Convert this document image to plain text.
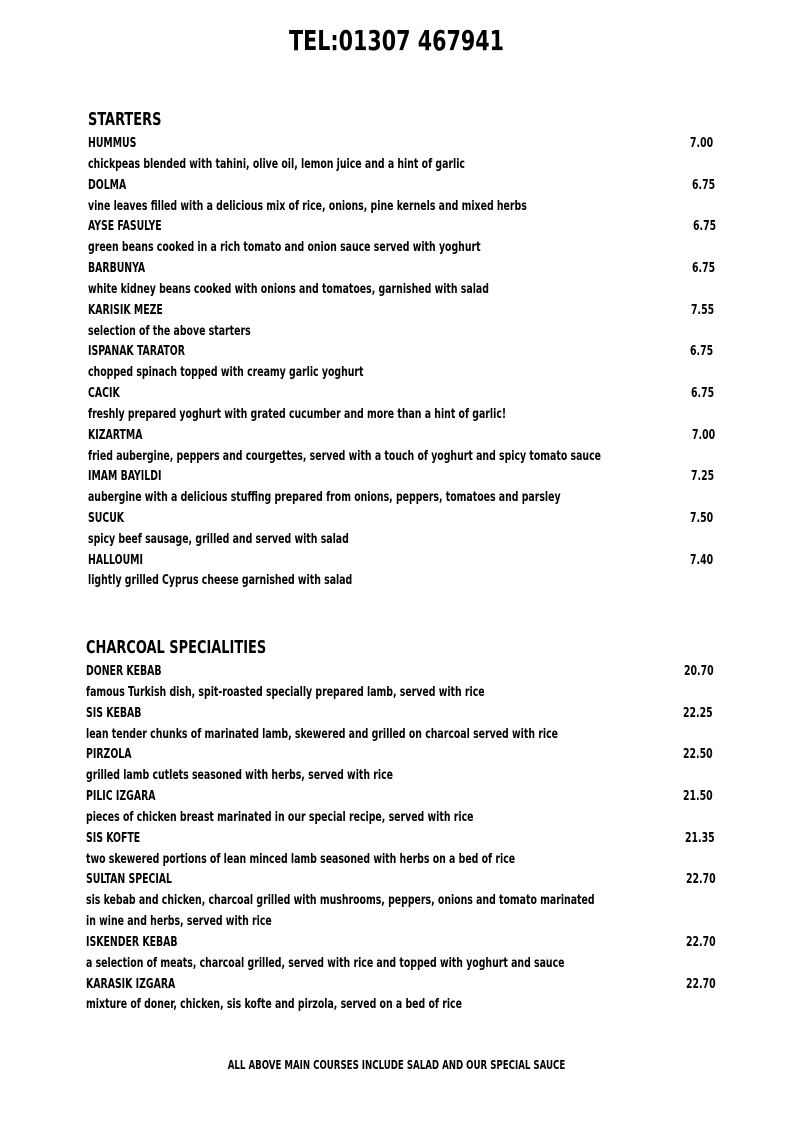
TEL:01307 467941
STARTERS
HUMMUS	7.00
chickpeas blended with tahini, olive oil, lemon juice and a hint of garlic
DOLMA	6.75
vine leaves filled with a delicious mix of rice, onions, pine kernels and mixed herbs
AYSE FASULYE	6.75
green beans cooked in a rich tomato and onion sauce served with yoghurt
BARBUNYA	6.75
white kidney beans cooked with onions and tomatoes, garnished with salad
KARISIK MEZE	7.55
selection of the above starters
ISPANAK TARATOR	6.75
chopped spinach topped with creamy garlic yoghurt
CACIK	6.75
freshly prepared yoghurt with grated cucumber and more than a hint of garlic!
KIZARTMA	7.00
fried aubergine, peppers and courgettes, served with a touch of yoghurt and spicy tomato sauce
IMAM BAYILDI	7.25
aubergine with a delicious stuffing prepared from onions, peppers, tomatoes and parsley
SUCUK	7.50
spicy beef sausage, grilled and served with salad
HALLOUMI	7.40
lightly grilled Cyprus cheese garnished with salad
CHARCOAL SPECIALITIES
DONER KEBAB	20.70
famous Turkish dish, spit-roasted specially prepared lamb, served with rice
SIS KEBAB	22.25
lean tender chunks of marinated lamb, skewered and grilled on charcoal served with rice
PIRZOLA	22.50
grilled lamb cutlets seasoned with herbs, served with rice
PILIC IZGARA	21.50
pieces of chicken breast marinated in our special recipe, served with rice
SIS KOFTE	21.35
two skewered portions of lean minced lamb seasoned with herbs on a bed of rice
SULTAN SPECIAL	22.70
sis kebab and chicken, charcoal grilled with mushrooms, peppers, onions and tomato marinated
in wine and herbs, served with rice
ISKENDER KEBAB	22.70
a selection of meats, charcoal grilled, served with rice and topped with yoghurt and sauce
KARASIK IZGARA	22.70
mixture of doner, chicken, sis kofte and pirzola, served on a bed of rice
ALL ABOVE MAIN COURSES INCLUDE SALAD AND OUR SPECIAL SAUCE
